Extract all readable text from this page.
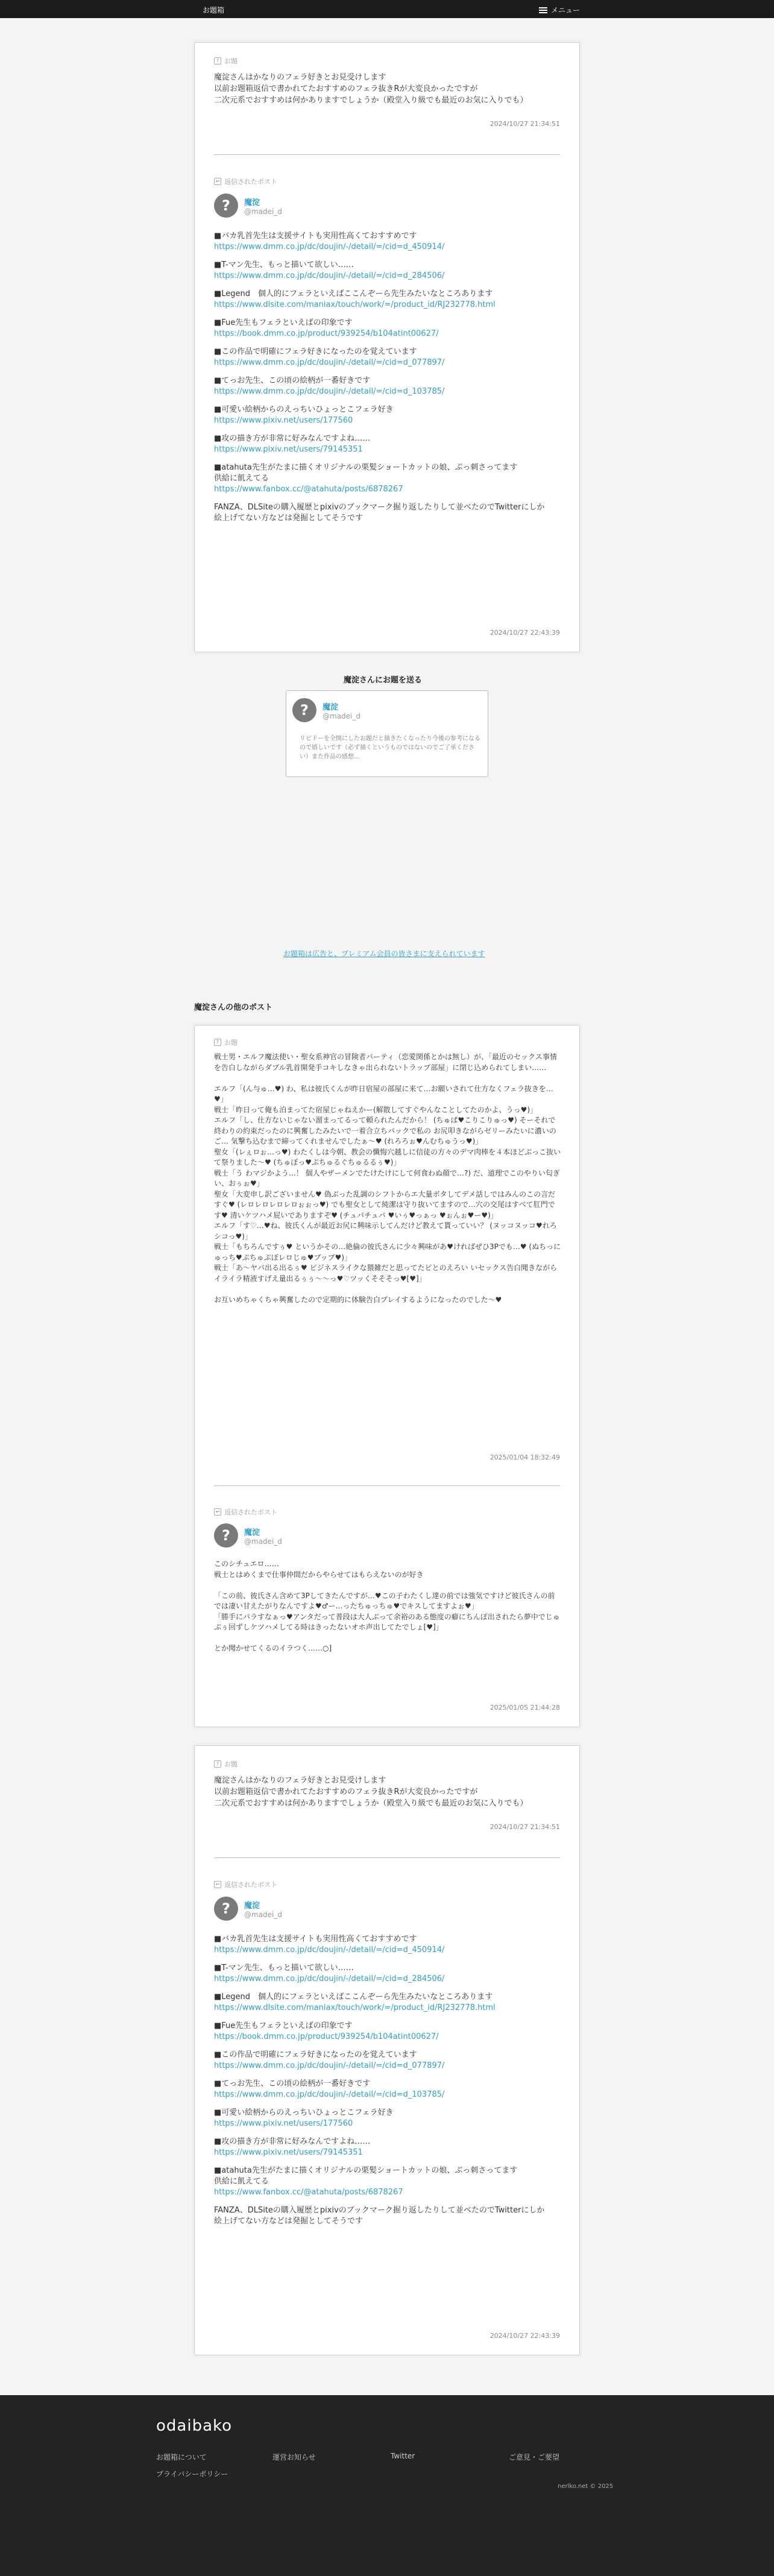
お題箱	メニュー
? お題
魔淀さんはかなりのフェラ好きとお見受けします
以前お題箱返信で書かれてたおすすめのフェラ抜きRが大変良かったですが
二次元系でおすすめは何かありますでしょうか（殿堂入り級でも最近のお気に入りでも）
2024/10/27 21:34:51
↩ 返信されたポスト
?	魔淀
@madei_d
■バカ乳首先生は支援サイトも実用性高くておすすめです
https://www.dmm.co.jp/dc/doujin/-/detail/=/cid=d_450914/
■T-マン先生、もっと描いて欲しい……
https://www.dmm.co.jp/dc/doujin/-/detail/=/cid=d_284506/
■Legend　個人的にフェラといえばここんぞーら先生みたいなところあります
https://www.dlsite.com/maniax/touch/work/=/product_id/RJ232778.html
■Fue先生もフェラといえばの印象です
https://book.dmm.co.jp/product/939254/b104atint00627/
■この作品で明確にフェラ好きになったのを覚えています
https://www.dmm.co.jp/dc/doujin/-/detail/=/cid=d_077897/
■てっお先生、この頃の絵柄が一番好きです
https://www.dmm.co.jp/dc/doujin/-/detail/=/cid=d_103785/
■可愛い絵柄からのえっちいひょっとこフェラ好き
https://www.pixiv.net/users/177560
■攻の描き方が非常に好みなんですよね……
https://www.pixiv.net/users/79145351
■atahuta先生がたまに描くオリジナルの栗髪ショートカットの娘、ぶっ刺さってます
供給に飢えてる
https://www.fanbox.cc/@atahuta/posts/6878267
FANZA、DLSiteの購入履歴とpixivのブックマーク掘り返したりして並べたのでTwitterにしか
絵上げてない方などは発掘としてそうです
2024/10/27 22:43:39
魔淀さんにお題を送る
?	魔淀
@madei_d
リビドーを全開にしたお題だと描きたくなったり今後の参考になるので嬉しいです（必ず描くというものではないのでご了承ください）また作品の感想…
お題箱は広告と、プレミアム会員の皆さまに支えられています
魔淀さんの他のポスト
? お題
戦士男・エルフ魔法使い・聖女系神官の冒険者パーティ（恋愛関係とかは無し）が、「最近のセックス事情を告白しながらダブル乳首開発手コキしなきゃ出られないトラップ部屋」に閉じ込められてしまい……

エルフ「(ん与ゅ…♥) わ、私は彼氏くんが昨日宿屋の部屋に来て…お願いされて仕方なくフェラ抜きを…♥」
戦士「昨日って俺も泊まってた宿屋じゃねえかー(解散してすぐやんなことしてたのかよ、うっ♥)」
エルフ「し、仕方ないじゃない溜まってるって頼られたんだから！ (ちゅぱ♥こりこりゅっ♥) そーそれで終わりの約束だったのに興奮したみたいで一着合立ちバックで私の お尻叩きながらゼリーみたいに濃いのご… 気撃ち込むまで締ってくれませんでしたぁ～♥ (れろろぉ♥んむちゅうっ♥)」
聖女「(レぇロぉ…っ♥) わたくしは今朝、教会の懺悔穴越しに信徒の方々のデマ肉棒を４本ほどぶっこ抜いて祭りました～♥ (ちゅぽっ♥ぷちゅるぐちゅるるぅ♥)」
戦士「う わマジかよう…！ 個人やザーメンでたけたけにして何食わぬ顔で…?) だ、道理でこのやりい匂ぎい、おぅぉ♥」
聖女「大変申し訳ございません♥ 偽ぶった乱調のシフトからエ大量ボタしてデメ話しではみんのこの言だすぐ♥ (レロレロレロレロぉぉっ♥) でも聖女として純潔は守り抜いてますので…穴の交尾はすべて肛門です♥ 清いケツハメ屁いでありますぞ♥ (チュパチュパ ♥いぅ♥っぁっ ♥ぉんぉ♥ー♥)」
エルフ「す♡…♥ね、彼氏くんが最近お尻に興味示してんだけど教えて貰っていい？ (ヌッコヌッコ♥れろシコっ♥)」
戦士「もちろんですぅ♥ というかその…絶倫の彼氏さんに少々興味があ♥ければぜひ3Pでも…♥ (ぬちっにゅっち♥ぷちゅぷぽレロじゅ♥ブップ♥)」
戦士「あ～ヤバ出る出るぅ♥ ビジネスライクな猥雑だと思ってたビとのえろい いセックス告白聞きながらイライラ精液すげえ量出るぅぅ～～っ♥♡ツッくそそそっ♥[♥]」

お互いめちゃくちゃ興奮したので定期的に体験告白プレイするようになったのでした～♥
2025/01/04 18:32:49
↩ 返信されたポスト
?	魔淀
@madei_d
このシチュエロ……
戦士とはめくまで仕事仲間だからやらせてはもらえないのが好き

「この前、彼氏さん含めて3Pしてきたんですが…♥この子わたくし達の前では強気ですけど彼氏さんの前では凄い甘えたがりなんですよ♥♂ー…ったちゅっちゅ♥でキスしてますよぉ♥」
「勝手にバラすなぁっ♥アンタだって普段は大人ぶって余裕のある態度の癖にちんぽ出されたら夢中でじゅぷぅ回ずしケツハメしてる時はきったないオホ声出してたでしょ[♥]」

とか聞かせてくるのイラつく……○]
2025/01/05 21:44:28
? お題
魔淀さんはかなりのフェラ好きとお見受けします
以前お題箱返信で書かれてたおすすめのフェラ抜きRが大変良かったですが
二次元系でおすすめは何かありますでしょうか（殿堂入り級でも最近のお気に入りでも）
2024/10/27 21:34:51
↩ 返信されたポスト
?	魔淀
@madei_d
■バカ乳首先生は支援サイトも実用性高くておすすめです
https://www.dmm.co.jp/dc/doujin/-/detail/=/cid=d_450914/
■T-マン先生、もっと描いて欲しい……
https://www.dmm.co.jp/dc/doujin/-/detail/=/cid=d_284506/
■Legend　個人的にフェラといえばここんぞーら先生みたいなところあります
https://www.dlsite.com/maniax/touch/work/=/product_id/RJ232778.html
■Fue先生もフェラといえばの印象です
https://book.dmm.co.jp/product/939254/b104atint00627/
■この作品で明確にフェラ好きになったのを覚えています
https://www.dmm.co.jp/dc/doujin/-/detail/=/cid=d_077897/
■てっお先生、この頃の絵柄が一番好きです
https://www.dmm.co.jp/dc/doujin/-/detail/=/cid=d_103785/
■可愛い絵柄からのえっちいひょっとこフェラ好き
https://www.pixiv.net/users/177560
■攻の描き方が非常に好みなんですよね……
https://www.pixiv.net/users/79145351
■atahuta先生がたまに描くオリジナルの栗髪ショートカットの娘、ぶっ刺さってます
供給に飢えてる
https://www.fanbox.cc/@atahuta/posts/6878267
FANZA、DLSiteの購入履歴とpixivのブックマーク掘り返したりして並べたのでTwitterにしか
絵上げてない方などは発掘としてそうです
2024/10/27 22:43:39
odaibako
お題箱について	運営お知らせ	Twitter	ご意見・ご要望
プライバシーポリシー
nerlko.net © 2025
